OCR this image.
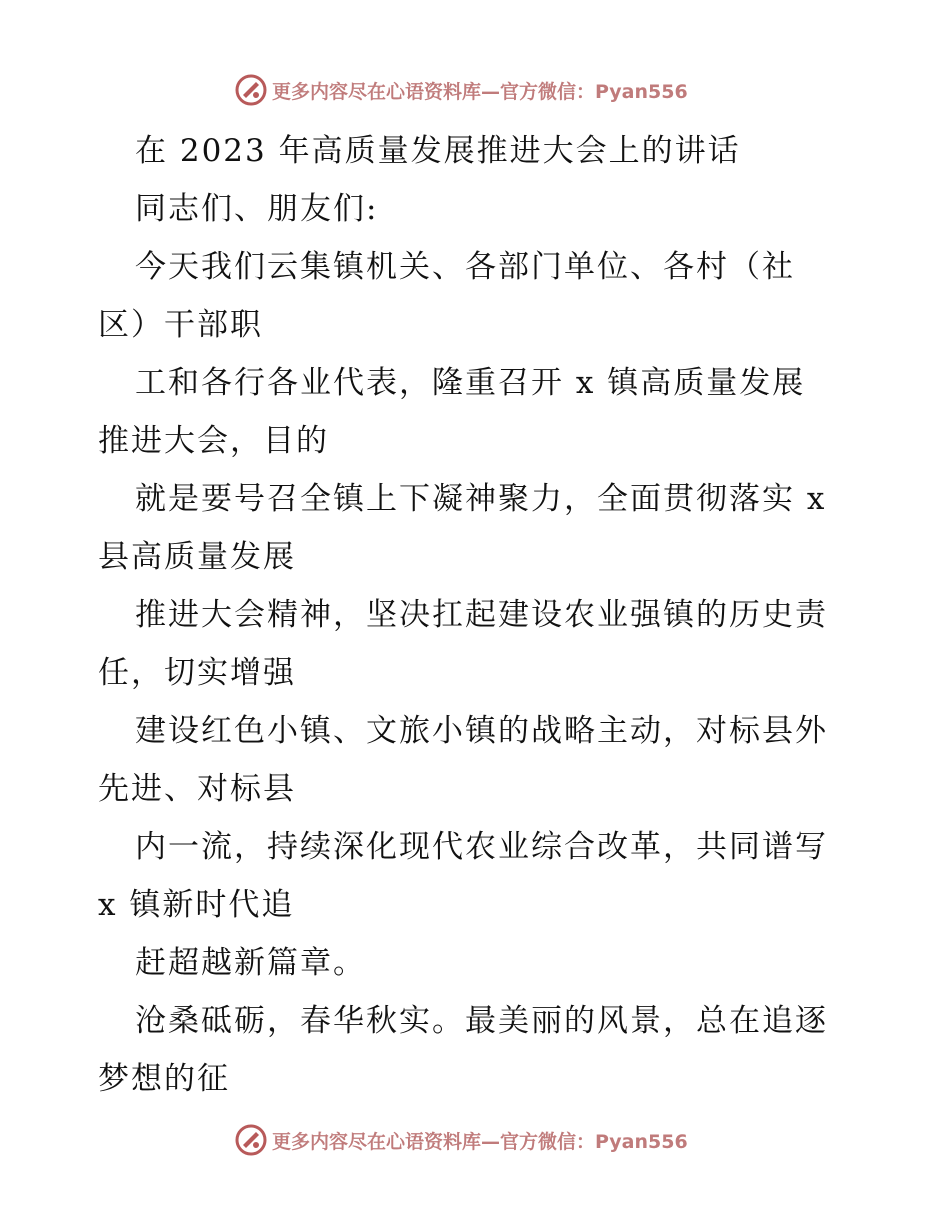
更多内容尽在心语资料库—官方微信：Pyan556
在 2023 年高质量发展推进大会上的讲话
同志们、朋友们:
今天我们云集镇机关、各部门单位、各村（社
区）干部职
工和各行各业代表，隆重召开 x 镇高质量发展
推进大会，目的
就是要号召全镇上下凝神聚力，全面贯彻落实 x
县高质量发展
推进大会精神，坚决扛起建设农业强镇的历史责
任，切实增强
建设红色小镇、文旅小镇的战略主动，对标县外
先进、对标县
内一流，持续深化现代农业综合改革，共同谱写
x 镇新时代追
赶超越新篇章。
沧桑砥砺，春华秋实。最美丽的风景，总在追逐
梦想的征
更多内容尽在心语资料库—官方微信：Pyan556
